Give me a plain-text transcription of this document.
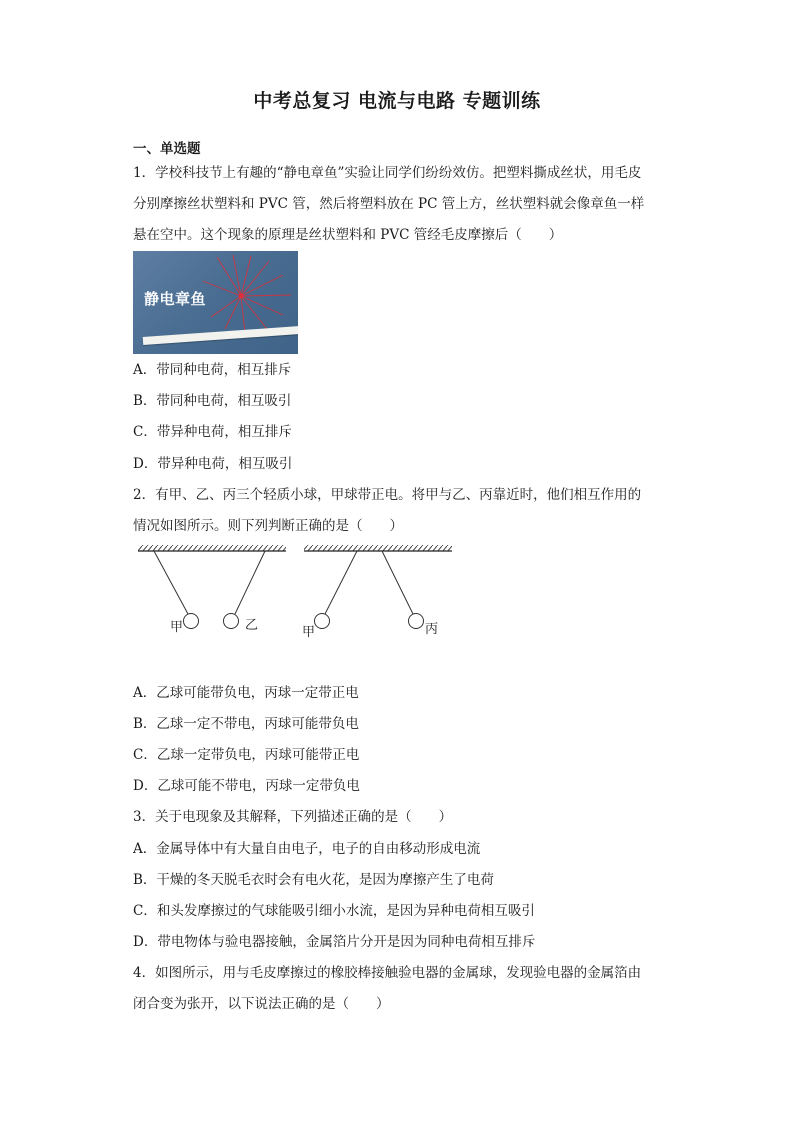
中考总复习 电流与电路 专题训练
一、单选题
1．学校科技节上有趣的“静电章鱼”实验让同学们纷纷效仿。把塑料撕成丝状，用毛皮
分别摩擦丝状塑料和 PVC 管，然后将塑料放在 PC 管上方，丝状塑料就会像章鱼一样
悬在空中。这个现象的原理是丝状塑料和 PVC 管经毛皮摩擦后（　　）
静电章鱼
A．带同种电荷，相互排斥
B．带同种电荷，相互吸引
C．带异种电荷，相互排斥
D．带异种电荷，相互吸引
2．有甲、乙、丙三个轻质小球，甲球带正电。将甲与乙、丙靠近时，他们相互作用的
情况如图所示。则下列判断正确的是（　　）
甲	乙	甲	丙
A．乙球可能带负电，丙球一定带正电
B．乙球一定不带电，丙球可能带负电
C．乙球一定带负电，丙球可能带正电
D．乙球可能不带电，丙球一定带负电
3．关于电现象及其解释，下列描述正确的是（　　）
A．金属导体中有大量自由电子，电子的自由移动形成电流
B．干燥的冬天脱毛衣时会有电火花，是因为摩擦产生了电荷
C．和头发摩擦过的气球能吸引细小水流，是因为异种电荷相互吸引
D．带电物体与验电器接触，金属箔片分开是因为同种电荷相互排斥
4．如图所示，用与毛皮摩擦过的橡胶棒接触验电器的金属球，发现验电器的金属箔由
闭合变为张开，以下说法正确的是（　　）
